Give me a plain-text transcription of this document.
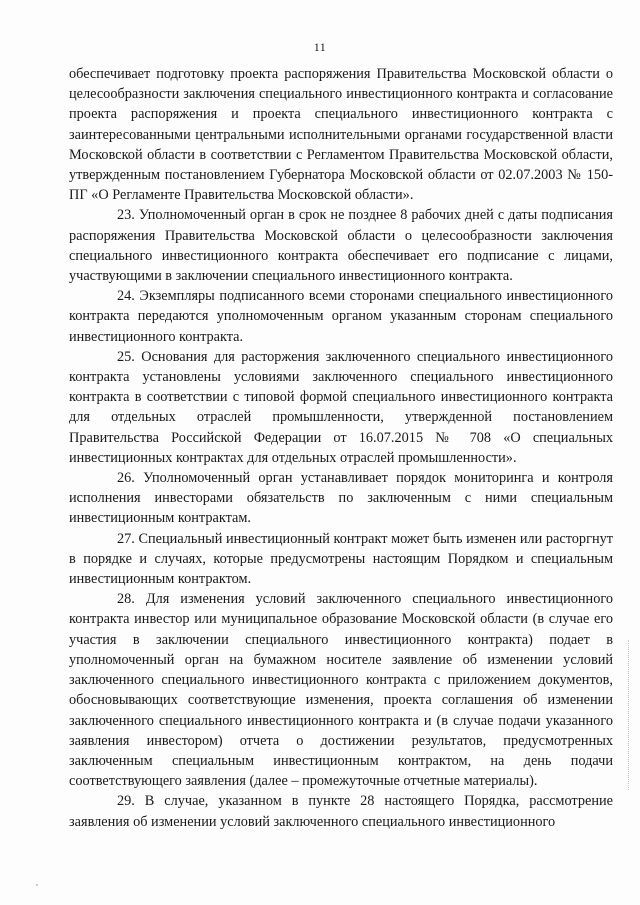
11

обеспечивает подготовку проекта распоряжения Правительства Московской области о целесообразности заключения специального инвестиционного контракта и согласование проекта распоряжения и проекта специального инвестиционного контракта с заинтересованными центральными исполнительными органами государственной власти Московской области в соответствии с Регламентом Правительства Московской области, утвержденным постановлением Губернатора Московской области от 02.07.2003 № 150-ПГ «О Регламенте Правительства Московской области».

23. Уполномоченный орган в срок не позднее 8 рабочих дней с даты подписания распоряжения Правительства Московской области о целесообразности заключения специального инвестиционного контракта обеспечивает его подписание с лицами, участвующими в заключении специального инвестиционного контракта.

24. Экземпляры подписанного всеми сторонами специального инвестиционного контракта передаются уполномоченным органом указанным сторонам специального инвестиционного контракта.

25. Основания для расторжения заключенного специального инвестиционного контракта установлены условиями заключенного специального инвестиционного контракта в соответствии с типовой формой специального инвестиционного контракта для отдельных отраслей промышленности, утвержденной постановлением Правительства Российской Федерации от 16.07.2015 № 708 «О специальных инвестиционных контрактах для отдельных отраслей промышленности».

26. Уполномоченный орган устанавливает порядок мониторинга и контроля исполнения инвесторами обязательств по заключенным с ними специальным инвестиционным контрактам.

27. Специальный инвестиционный контракт может быть изменен или расторгнут в порядке и случаях, которые предусмотрены настоящим Порядком и специальным инвестиционным контрактом.

28. Для изменения условий заключенного специального инвестиционного контракта инвестор или муниципальное образование Московской области (в случае его участия в заключении специального инвестиционного контракта) подает в уполномоченный орган на бумажном носителе заявление об изменении условий заключенного специального инвестиционного контракта с приложением документов, обосновывающих соответствующие изменения, проекта соглашения об изменении заключенного специального инвестиционного контракта и (в случае подачи указанного заявления инвестором) отчета о достижении результатов, предусмотренных заключенным специальным инвестиционным контрактом, на день подачи соответствующего заявления (далее – промежуточные отчетные материалы).

29. В случае, указанном в пункте 28 настоящего Порядка, рассмотрение заявления об изменении условий заключенного специального инвестиционного
